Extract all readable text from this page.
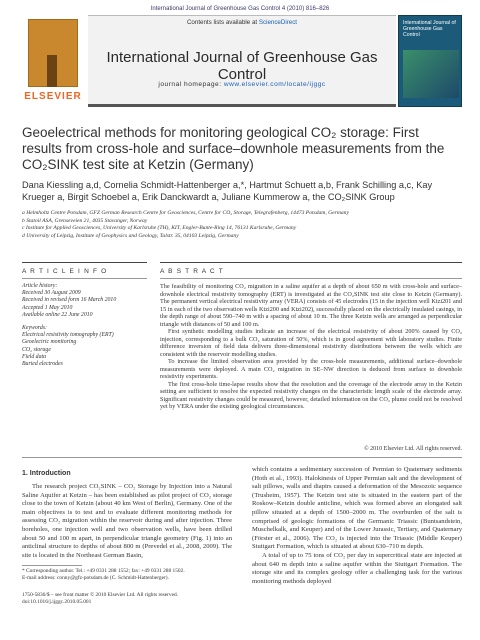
International Journal of Greenhouse Gas Control 4 (2010) 816–826
ELSEVIER
Contents lists available at ScienceDirect
International Journal of Greenhouse Gas Control
journal homepage: www.elsevier.com/locate/ijggc
International Journal of Greenhouse Gas Control
Geoelectrical methods for monitoring geological CO₂ storage: First results from cross-hole and surface–downhole measurements from the CO₂SINK test site at Ketzin (Germany)
Dana Kiessling a,d, Cornelia Schmidt-Hattenberger a,*, Hartmut Schuett a,b, Frank Schilling a,c, Kay Krueger a, Birgit Schoebel a, Erik Danckwardt a, Juliane Kummerow a, the CO₂SINK Group
a Helmholtz Centre Potsdam, GFZ German Research Centre for Geosciences, Centre for CO₂ Storage, Telegrafenberg, 14473 Potsdam, Germany
b Statoil ASA, Grenseveien 21, 4035 Stavanger, Norway
c Institute for Applied Geosciences, University of Karlsruhe (TH), KIT, Engler-Bunte-Ring 14, 76131 Karlsruhe, Germany
d University of Leipzig, Institute of Geophysics and Geology, Talstr. 35, 04103 Leipzig, Germany
A R T I C L E I N F O	A B S T R A C T

Article history:

Received 30 August 2009

Received in revised form 16 March 2010

Accepted 1 May 2010

Available online 22 June 2010

Keywords:

Electrical resistivity tomography (ERT)

Geoelectric monitoring

CO₂ storage

Field data

Buried electrodes

The feasibility of monitoring CO₂ migration in a saline aquifer at a depth of about 650 m with cross-hole and surface–downhole electrical resistivity tomography (ERT) is investigated at the CO₂SINK test site close to Ketzin (Germany). The permanent vertical electrical resistivity array (VERA) consists of 45 electrodes (15 in the injection well Ktzi201 and 15 in each of the two observation wells Ktzi200 and Ktzi202), successfully placed on the electrically insulated casings, in the depth range of about 590–740 m with a spacing of about 10 m. The three Ketzin wells are arranged as perpendicular triangle with distances of 50 and 100 m.

First synthetic modelling studies indicate an increase of the electrical resistivity of about 200% caused by CO₂ injection, corresponding to a bulk CO₂ saturation of 50%, which is in good agreement with laboratory studies. Finite difference inversion of field data delivers three-dimensional resistivity distributions between the wells which are consistent with the reservoir modelling studies.

To increase the limited observation area provided by the cross-hole measurements, additional surface–downhole measurements were deployed. A main CO₂ migration in SE–NW direction is deduced from surface to downhole resistivity experiments.

The first cross-hole time-lapse results show that the resolution and the coverage of the electrode array in the Ketzin setting are sufficient to resolve the expected resistivity changes on the characteristic length scale of the electrode array. Significant resistivity changes could be measured, however, detailed information on the CO₂ plume could not be resolved yet by VERA under the existing geological circumstances.

© 2010 Elsevier Ltd. All rights reserved.
1. Introduction

The research project CO₂SINK – CO₂ Storage by Injection into a Natural Saline Aquifer at Ketzin – has been established as pilot project of CO₂ storage close to the town of Ketzin (about 40 km West of Berlin), Germany. One of the main objectives is to test and to evaluate different monitoring methods for assessing CO₂ migration within the reservoir during and after injection. Three boreholes, one injection well and two observation wells, have been drilled about 50 and 100 m apart, in perpendicular triangle geometry (Fig. 1) into an anticlinal structure to depths of about 800 m (Prevedel et al., 2008, 2009). The site is located in the Northeast German Basin,

which contains a sedimentary succession of Permian to Quaternary sediments (Hoth et al., 1993). Halokinesis of Upper Permian salt and the development of salt pillows, walls and diapirs caused a deformation of the Mesozoic sequence (Trusheim, 1957). The Ketzin test site is situated in the eastern part of the Roskow–Ketzin double anticline, which was formed above an elongated salt pillow situated at a depth of 1500–2000 m. The overburden of the salt is comprised of geologic formations of the Germanic Triassic (Buntsandstein, Muschelkalk, and Keuper) and of the Lower Jurassic, Tertiary, and Quaternary (Förster et al., 2006). The CO₂ is injected into the Triassic (Middle Keuper) Stuttgart Formation, which is situated at about 630–710 m depth.

A total of up to 75 tons of CO₂ per day in supercritical state are injected at about 640 m depth into a saline aquifer within the Stuttgart Formation. The storage site and its complex geology offer a challenging task for the various monitoring methods deployed

* Corresponding author. Tel.: +49 0331 288 1552; fax: +49 0331 288 1502.
E-mail address: conny@gfz-potsdam.de (C. Schmidt-Hattenberger).
1750-5836/$ – see front matter © 2010 Elsevier Ltd. All rights reserved.
doi:10.1016/j.ijggc.2010.05.001
